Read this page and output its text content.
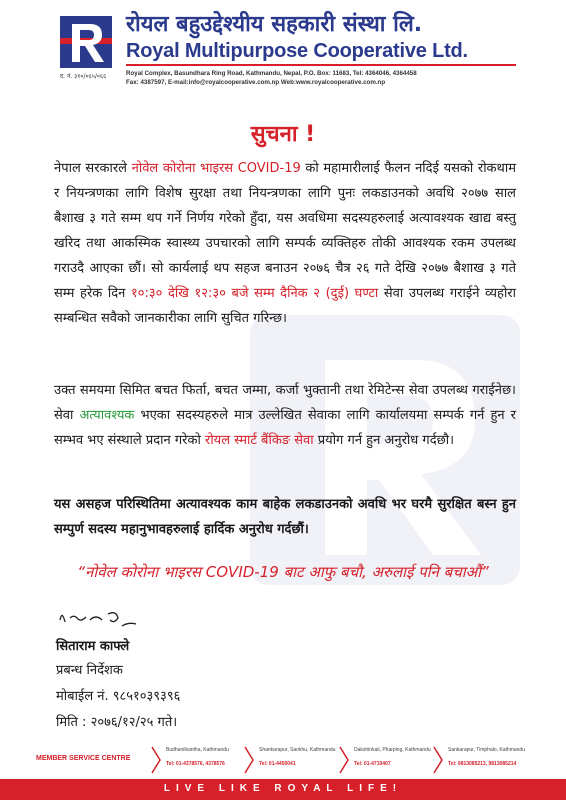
द. नं. ३१०/०६५/०६६
रोयल बहुउद्देश्यीय सहकारी संस्था लि.
Royal Multipurpose Cooperative Ltd.
Royal Complex, Basundhara Ring Road, Kathmandu, Nepal, P.O. Box: 11683, Tel: 4364046, 4364458
Fax: 4387597, E-mail:info@royalcooperative.com.np Web:www.royalcooperative.com.np
सुचना !

नेपाल सरकारले नोवेल कोरोना भाइरस COVID-19 को महामारीलाई फैलन नदिई यसको रोकथाम र नियन्त्रणका लागि विशेष सुरक्षा तथा नियन्त्रणका लागि पुनः लकडाउनको अवधि २०७७ साल बैशाख ३ गते सम्म थप गर्ने निर्णय गरेको हुँदा, यस अवधिमा सदस्यहरुलाई अत्यावश्यक खाद्य बस्तु खरिद तथा आकस्मिक स्वास्थ्य उपचारको लागि सम्पर्क व्यक्तिहरु तोकी आवश्यक रकम उपलब्ध गराउदै आएका छौं। सो कार्यलाई थप सहज बनाउन २०७६ चैत्र २६ गते देखि २०७७ बैशाख ३ गते सम्म हरेक दिन १०:३० देखि १२:३० बजे सम्म दैनिक २ (दुई) घण्टा सेवा उपलब्ध गराईने व्यहोरा सम्बन्धित सवैको जानकारीका लागि सुचित गरिन्छ।

उक्त समयमा सिमित बचत फिर्ता, बचत जम्मा, कर्जा भुक्तानी तथा रेमिटेन्स सेवा उपलब्ध गराईनेछ। सेवा अत्यावश्यक भएका सदस्यहरुले मात्र उल्लेखित सेवाका लागि कार्यालयमा सम्पर्क गर्न हुन र सम्भव भए संस्थाले प्रदान गरेको रोयल स्मार्ट बैंकिङ सेवा प्रयोग गर्न हुन अनुरोध गर्दछौ।

यस असहज परिस्थितिमा अत्यावश्यक काम बाहेक लकडाउनको अवधि भर घरमै सुरक्षित बस्न हुन सम्पुर्ण सदस्य महानुभावहरुलाई हार्दिक अनुरोध गर्दछौं।

“नोवेल कोरोना भाइरस COVID-19 बाट आफु बचौ, अरुलाई पनि बचाऔं”
सिताराम काफ्ले
प्रबन्ध निर्देशक
मोबाईल नं. ९८५१०३९३९६
मिति : २०७६/१२/२५ गते।
MEMBER SERVICE CENTRE
Budhanilkantha, Kathmandu
Tel: 01-4378576, 4378576
Shankarapur, Sankhu, Kathmandu
Tel: 01-4450041
Dakshinkali, Pharping, Kathmandu
Tel: 01-4710407
Sankarapur, Timphalo, Kathmandu
Tel: 9813085213, 9813085214
LIVE LIKE ROYAL LIFE!
